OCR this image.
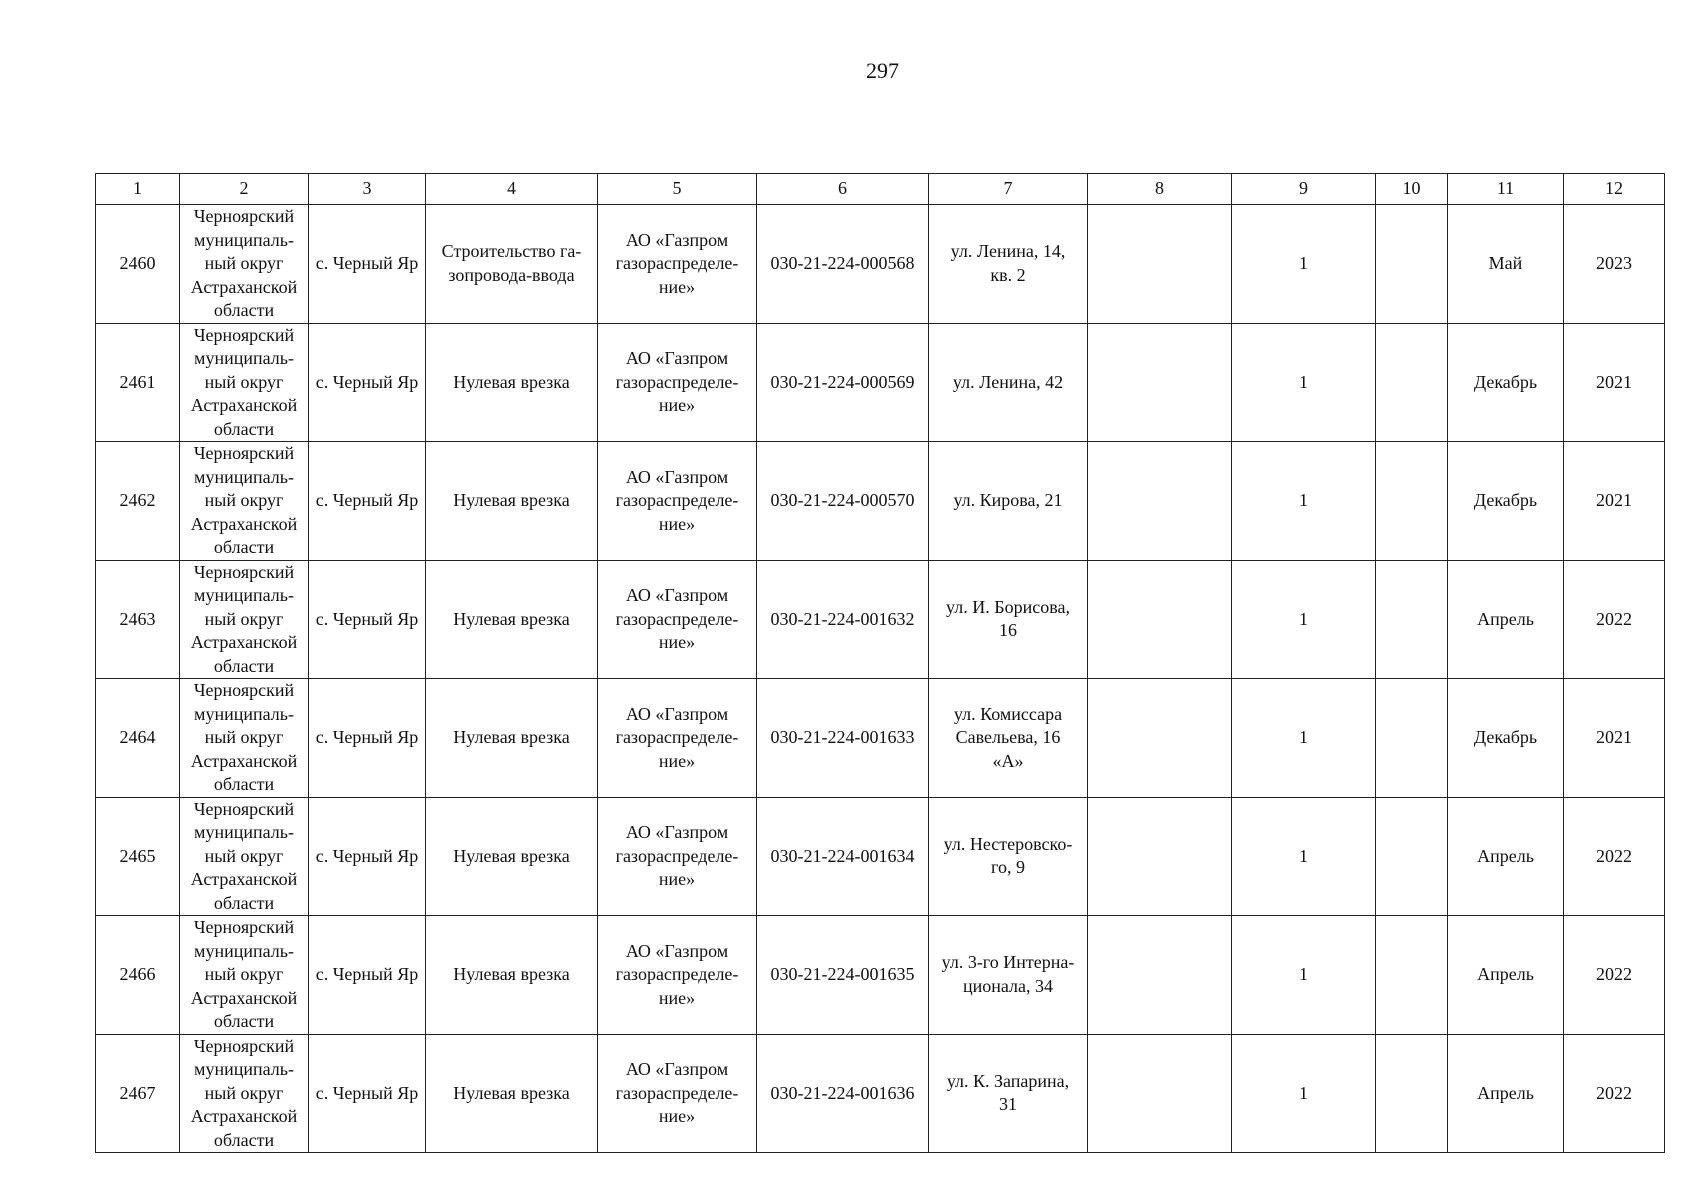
297
1	2	3	4	5	6	7	8	9	10	11	12
2460	Черноярский
муниципаль-
ный округ
Астраханской
области	с. Черный Яр	Строительство га-
зопровода-ввода	АО «Газпром
газораспределе-
ние»	030-21-224-000568	ул. Ленина, 14,
кв. 2		1		Май	2023
2461	Черноярский
муниципаль-
ный округ
Астраханской
области	с. Черный Яр	Нулевая врезка	АО «Газпром
газораспределе-
ние»	030-21-224-000569	ул. Ленина, 42		1		Декабрь	2021
2462	Черноярский
муниципаль-
ный округ
Астраханской
области	с. Черный Яр	Нулевая врезка	АО «Газпром
газораспределе-
ние»	030-21-224-000570	ул. Кирова, 21		1		Декабрь	2021
2463	Черноярский
муниципаль-
ный округ
Астраханской
области	с. Черный Яр	Нулевая врезка	АО «Газпром
газораспределе-
ние»	030-21-224-001632	ул. И. Борисова,
16		1		Апрель	2022
2464	Черноярский
муниципаль-
ный округ
Астраханской
области	с. Черный Яр	Нулевая врезка	АО «Газпром
газораспределе-
ние»	030-21-224-001633	ул. Комиссара
Савельева, 16
«А»		1		Декабрь	2021
2465	Черноярский
муниципаль-
ный округ
Астраханской
области	с. Черный Яр	Нулевая врезка	АО «Газпром
газораспределе-
ние»	030-21-224-001634	ул. Нестеровско-
го, 9		1		Апрель	2022
2466	Черноярский
муниципаль-
ный округ
Астраханской
области	с. Черный Яр	Нулевая врезка	АО «Газпром
газораспределе-
ние»	030-21-224-001635	ул. 3-го Интерна-
ционала, 34		1		Апрель	2022
2467	Черноярский
муниципаль-
ный округ
Астраханской
области	с. Черный Яр	Нулевая врезка	АО «Газпром
газораспределе-
ние»	030-21-224-001636	ул. К. Запарина,
31		1		Апрель	2022
